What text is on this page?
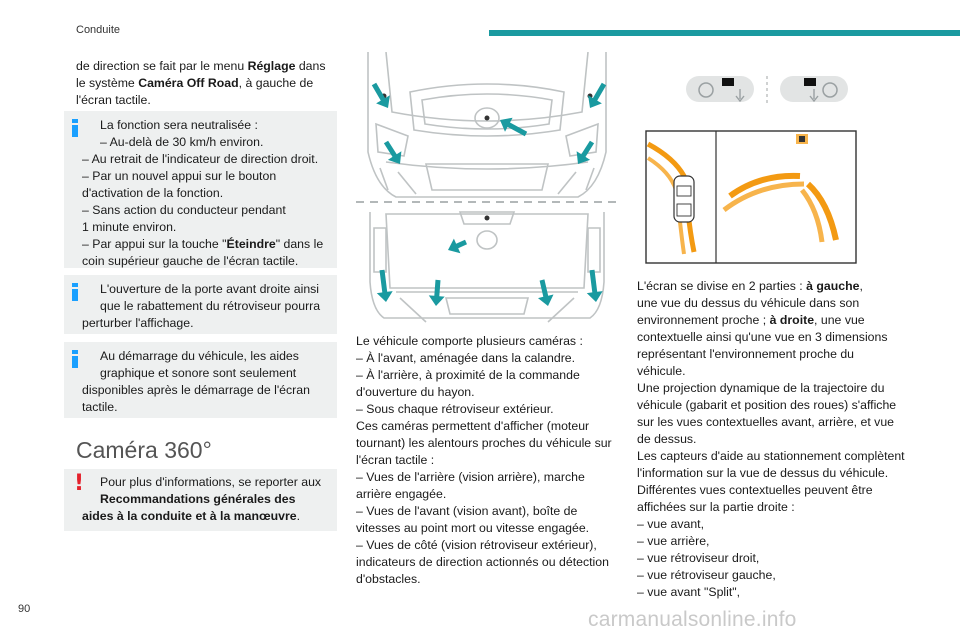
Conduite
de direction se fait par le menu Réglage dans le système Caméra Off Road, à gauche de l'écran tactile.

La fonction sera neutralisée :

– Au-delà de 30 km/h environ.

– Au retrait de l'indicateur de direction droit.

– Par un nouvel appui sur le bouton

d'activation de la fonction.

– Sans action du conducteur pendant

1 minute environ.

– Par appui sur la touche "Éteindre" dans le

coin supérieur gauche de l'écran tactile.

L'ouverture de la porte avant droite ainsi

que le rabattement du rétroviseur pourra

perturber l'affichage.

Au démarrage du véhicule, les aides

graphique et sonore sont seulement

disponibles après le démarrage de l'écran

tactile.

Caméra 360°
!	Pour plus d'informations, se reporter aux

Recommandations générales des

aides à la conduite et à la manœuvre.

Le véhicule comporte plusieurs caméras :

– À l'avant, aménagée dans la calandre.

– À l'arrière, à proximité de la commande

d'ouverture du hayon.

– Sous chaque rétroviseur extérieur.

Ces caméras permettent d'afficher (moteur

tournant) les alentours proches du véhicule sur

l'écran tactile :

– Vues de l'arrière (vision arrière), marche

arrière engagée.

– Vues de l'avant (vision avant), boîte de

vitesses au point mort ou vitesse engagée.

– Vues de côté (vision rétroviseur extérieur),

indicateurs de direction actionnés ou détection

d'obstacles.

L'écran se divise en 2 parties : à gauche,

une vue du dessus du véhicule dans son

environnement proche ; à droite, une vue

contextuelle ainsi qu'une vue en 3 dimensions

représentant l'environnement proche du

véhicule.

Une projection dynamique de la trajectoire du

véhicule (gabarit et position des roues) s'affiche

sur les vues contextuelles avant, arrière, et vue

de dessus.

Les capteurs d'aide au stationnement complètent

l'information sur la vue de dessus du véhicule.

Différentes vues contextuelles peuvent être

affichées sur la partie droite :

– vue avant,

– vue arrière,

– vue rétroviseur droit,

– vue rétroviseur gauche,

– vue avant "Split",

90	carmanualsonline.info
